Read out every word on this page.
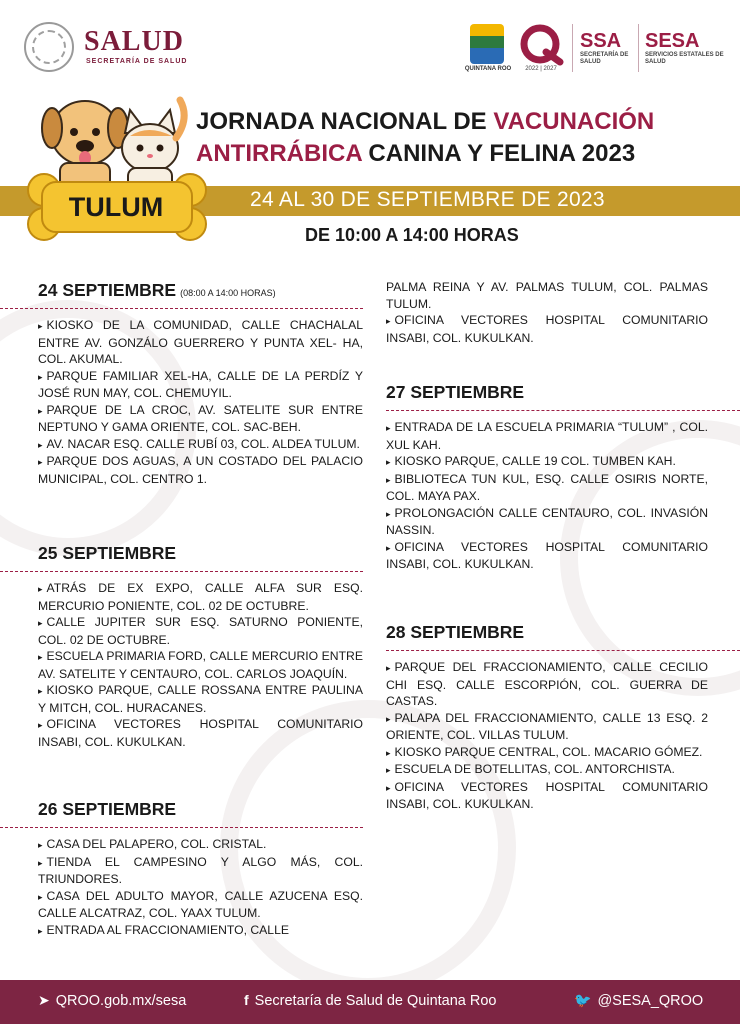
SALUD
SECRETARÍA DE SALUD
QUINTANA ROO	2022 | 2027
SSA
SECRETARÍA DE SALUD
SESA
SERVICIOS ESTATALES DE SALUD
JORNADA NACIONAL DE VACUNACIÓN
ANTIRRÁBICA CANINA Y FELINA 2023
24 AL 30 DE SEPTIEMBRE DE 2023
TULUM
DE 10:00 A 14:00 HORAS
24 SEPTIEMBRE (08:00 A 14:00 HORAS)
▸ KIOSKO DE LA COMUNIDAD, CALLE CHACHALAL ENTRE AV. GONZÁLO GUERRERO Y PUNTA XEL- HA, COL. AKUMAL.
▸ PARQUE FAMILIAR XEL-HA, CALLE DE LA PERDÍZ Y JOSÉ RUN MAY, COL. CHEMUYIL.
▸ PARQUE DE LA CROC, AV. SATELITE SUR ENTRE NEPTUNO Y GAMA ORIENTE, COL. SAC-BEH.
▸ AV. NACAR ESQ. CALLE RUBÍ 03, COL. ALDEA TULUM.
▸ PARQUE DOS AGUAS, A UN COSTADO DEL PALACIO MUNICIPAL, COL. CENTRO 1.
25 SEPTIEMBRE
▸ ATRÁS DE EX EXPO, CALLE ALFA SUR ESQ. MERCURIO PONIENTE, COL. 02 DE OCTUBRE.
▸ CALLE JUPITER SUR ESQ. SATURNO PONIENTE, COL. 02 DE OCTUBRE.
▸ ESCUELA PRIMARIA FORD, CALLE MERCURIO ENTRE AV. SATELITE Y CENTAURO, COL. CARLOS JOAQUÍN.
▸ KIOSKO PARQUE, CALLE ROSSANA ENTRE PAULINA Y MITCH, COL. HURACANES.
▸ OFICINA VECTORES HOSPITAL COMUNITARIO INSABI, COL. KUKULKAN.
26 SEPTIEMBRE
▸ CASA DEL PALAPERO, COL. CRISTAL.
▸ TIENDA EL CAMPESINO Y ALGO MÁS, COL. TRIUNDORES.
▸ CASA DEL ADULTO MAYOR, CALLE AZUCENA ESQ. CALLE ALCATRAZ, COL. YAAX TULUM.
▸ ENTRADA AL FRACCIONAMIENTO, CALLE
PALMA REINA Y AV. PALMAS TULUM, COL. PALMAS TULUM.
▸ OFICINA VECTORES HOSPITAL COMUNITARIO INSABI, COL. KUKULKAN.
27 SEPTIEMBRE
▸ ENTRADA DE LA ESCUELA PRIMARIA “TULUM” , COL. XUL KAH.
▸ KIOSKO PARQUE, CALLE 19 COL. TUMBEN KAH.
▸ BIBLIOTECA TUN KUL, ESQ. CALLE OSIRIS NORTE, COL. MAYA PAX.
▸ PROLONGACIÓN CALLE CENTAURO, COL. INVASIÓN NASSIN.
▸ OFICINA VECTORES HOSPITAL COMUNITARIO INSABI, COL. KUKULKAN.
28 SEPTIEMBRE
▸ PARQUE DEL FRACCIONAMIENTO, CALLE CECILIO CHI ESQ. CALLE ESCORPIÓN, COL. GUERRA DE CASTAS.
▸ PALAPA DEL FRACCIONAMIENTO, CALLE 13 ESQ. 2 ORIENTE, COL. VILLAS TULUM.
▸ KIOSKO PARQUE CENTRAL, COL. MACARIO GÓMEZ.
▸ ESCUELA DE BOTELLITAS, COL. ANTORCHISTA.
▸ OFICINA VECTORES HOSPITAL COMUNITARIO INSABI, COL. KUKULKAN.
➤ QROO.gob.mx/sesa	f Secretaría de Salud de Quintana Roo	🐦 @SESA_QROO
